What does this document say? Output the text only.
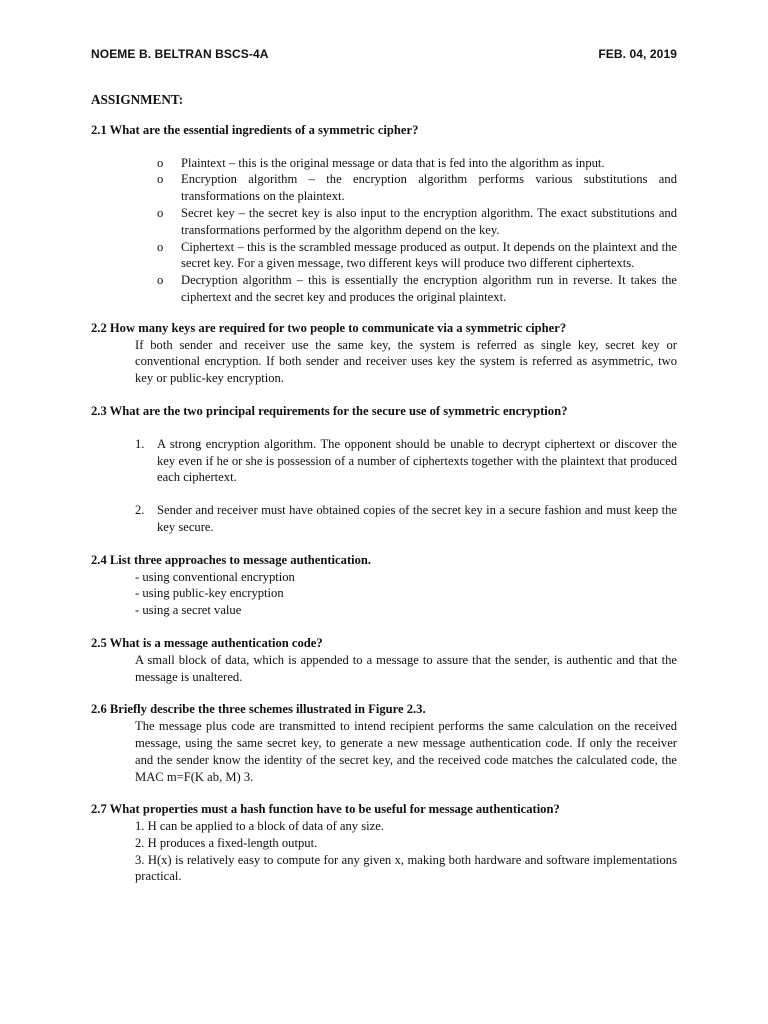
NOEME B. BELTRAN BSCS-4A	FEB. 04, 2019

ASSIGNMENT:

2.1 What are the essential ingredients of a symmetric cipher?

o Plaintext – this is the original message or data that is fed into the algorithm as input.
o Encryption algorithm – the encryption algorithm performs various substitutions and transformations on the plaintext.
o Secret key – the secret key is also input to the encryption algorithm. The exact substitutions and transformations performed by the algorithm depend on the key.
o Ciphertext – this is the scrambled message produced as output. It depends on the plaintext and the secret key. For a given message, two different keys will produce two different ciphertexts.
o Decryption algorithm – this is essentially the encryption algorithm run in reverse. It takes the ciphertext and the secret key and produces the original plaintext.

2.2 How many keys are required for two people to communicate via a symmetric cipher?

If both sender and receiver use the same key, the system is referred as single key, secret key or conventional encryption. If both sender and receiver uses key the system is referred as asymmetric, two key or public-key encryption.

2.3 What are the two principal requirements for the secure use of symmetric encryption?

1. A strong encryption algorithm. The opponent should be unable to decrypt ciphertext or discover the key even if he or she is possession of a number of ciphertexts together with the plaintext that produced each ciphertext.
2. Sender and receiver must have obtained copies of the secret key in a secure fashion and must keep the key secure.

2.4 List three approaches to message authentication.

- using conventional encryption
- using public-key encryption
- using a secret value

2.5 What is a message authentication code?

A small block of data, which is appended to a message to assure that the sender, is authentic and that the message is unaltered.

2.6 Briefly describe the three schemes illustrated in Figure 2.3.

The message plus code are transmitted to intend recipient performs the same calculation on the received message, using the same secret key, to generate a new message authentication code. If only the receiver and the sender know the identity of the secret key, and the received code matches the calculated code, the MAC m=F(K ab, M) 3.

2.7 What properties must a hash function have to be useful for message authentication?

1. H can be applied to a block of data of any size.
2. H produces a fixed-length output.
3. H(x) is relatively easy to compute for any given x, making both hardware and software implementations practical.
